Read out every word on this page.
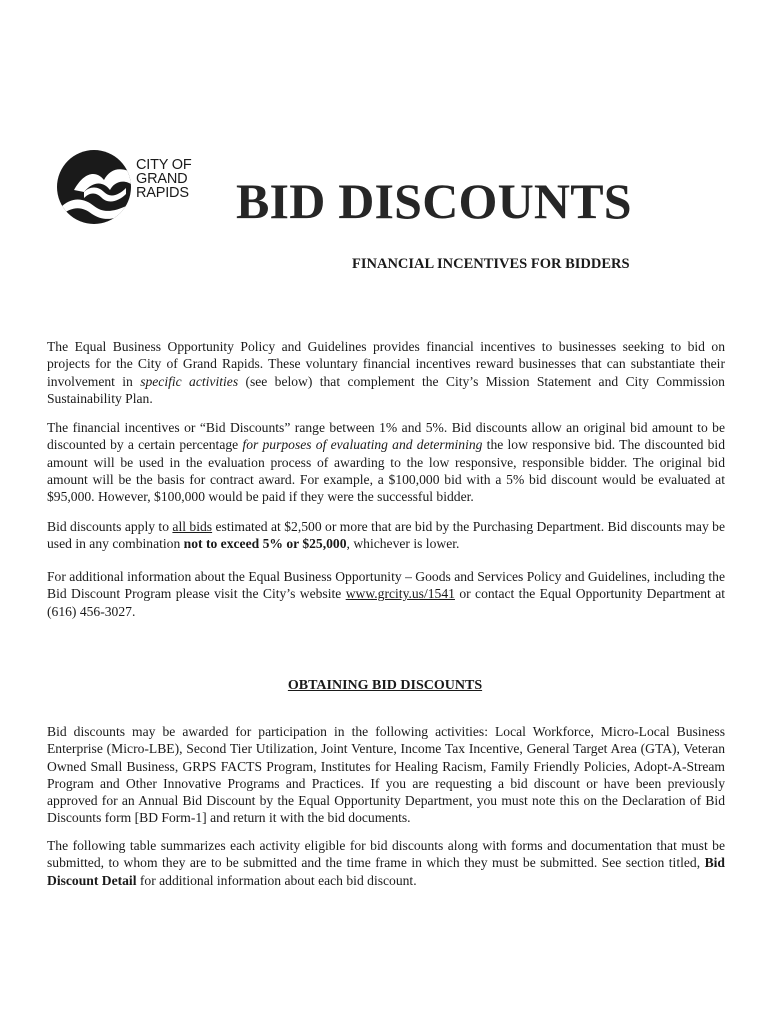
CITY OF
GRAND
RAPIDS BID DISCOUNTS
FINANCIAL INCENTIVES FOR BIDDERS

The Equal Business Opportunity Policy and Guidelines provides financial incentives to businesses seeking to bid on projects for the City of Grand Rapids. These voluntary financial incentives reward businesses that can substantiate their involvement in specific activities (see below) that complement the City’s Mission Statement and City Commission Sustainability Plan.

The financial incentives or “Bid Discounts” range between 1% and 5%. Bid discounts allow an original bid amount to be discounted by a certain percentage for purposes of evaluating and determining the low responsive bid. The discounted bid amount will be used in the evaluation process of awarding to the low responsive, responsible bidder. The original bid amount will be the basis for contract award. For example, a $100,000 bid with a 5% bid discount would be evaluated at $95,000. However, $100,000 would be paid if they were the successful bidder.

Bid discounts apply to all bids estimated at $2,500 or more that are bid by the Purchasing Department. Bid discounts may be used in any combination not to exceed 5% or $25,000, whichever is lower.

For additional information about the Equal Business Opportunity – Goods and Services Policy and Guidelines, including the Bid Discount Program please visit the City’s website www.grcity.us/1541 or contact the Equal Opportunity Department at (616) 456-3027.

OBTAINING BID DISCOUNTS

Bid discounts may be awarded for participation in the following activities: Local Workforce, Micro-Local Business Enterprise (Micro-LBE), Second Tier Utilization, Joint Venture, Income Tax Incentive, General Target Area (GTA), Veteran Owned Small Business, GRPS FACTS Program, Institutes for Healing Racism, Family Friendly Policies, Adopt-A-Stream Program and Other Innovative Programs and Practices. If you are requesting a bid discount or have been previously approved for an Annual Bid Discount by the Equal Opportunity Department, you must note this on the Declaration of Bid Discounts form [BD Form-1] and return it with the bid documents.

The following table summarizes each activity eligible for bid discounts along with forms and documentation that must be submitted, to whom they are to be submitted and the time frame in which they must be submitted. See section titled, Bid Discount Detail for additional information about each bid discount.
